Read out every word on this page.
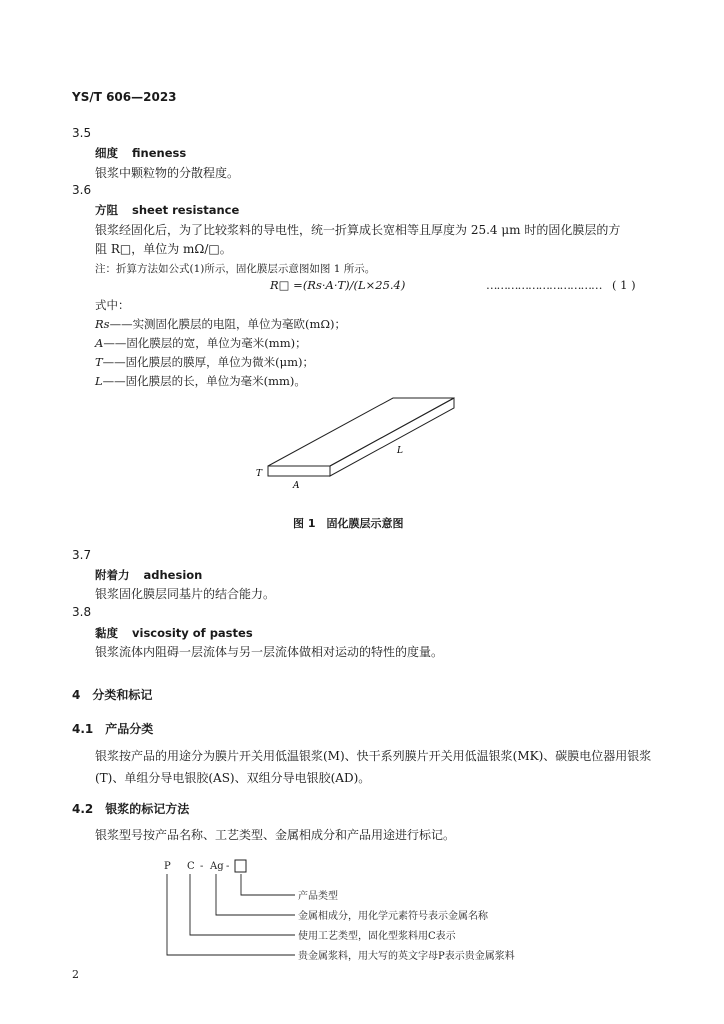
YS/T 606—2023
3.5
细度 fineness
银浆中颗粒物的分散程度。
3.6
方阻 sheet resistance
银浆经固化后，为了比较浆料的导电性，统一折算成长宽相等且厚度为 25.4 μm 时的固化膜层的方
阻 R□，单位为 mΩ/□。
注：折算方法如公式(1)所示，固化膜层示意图如图 1 所示。
R□ =(Rs·A·T)/(L×25.4)	…………………………… ( 1 )
式中：
Rs——实测固化膜层的电阻，单位为毫欧(mΩ)；
A——固化膜层的宽，单位为毫米(mm)；
T——固化膜层的膜厚，单位为微米(μm)；
L——固化膜层的长，单位为毫米(mm)。
T
A
L
图 1　固化膜层示意图
3.7
附着力 adhesion
银浆固化膜层同基片的结合能力。
3.8
黏度 viscosity of pastes
银浆流体内阻碍一层流体与另一层流体做相对运动的特性的度量。
4 分类和标记
4.1 产品分类
银浆按产品的用途分为膜片开关用低温银浆(M)、快干系列膜片开关用低温银浆(MK)、碳膜电位器用银浆(T)、单组分导电银胶(AS)、双组分导电银胶(AD)。
4.2 银浆的标记方法
银浆型号按产品名称、工艺类型、金属相成分和产品用途进行标记。
P C - Ag -
产品类型
金属相成分，用化学元素符号表示金属名称
使用工艺类型，固化型浆料用C表示
贵金属浆料，用大写的英文字母P表示贵金属浆料
2
